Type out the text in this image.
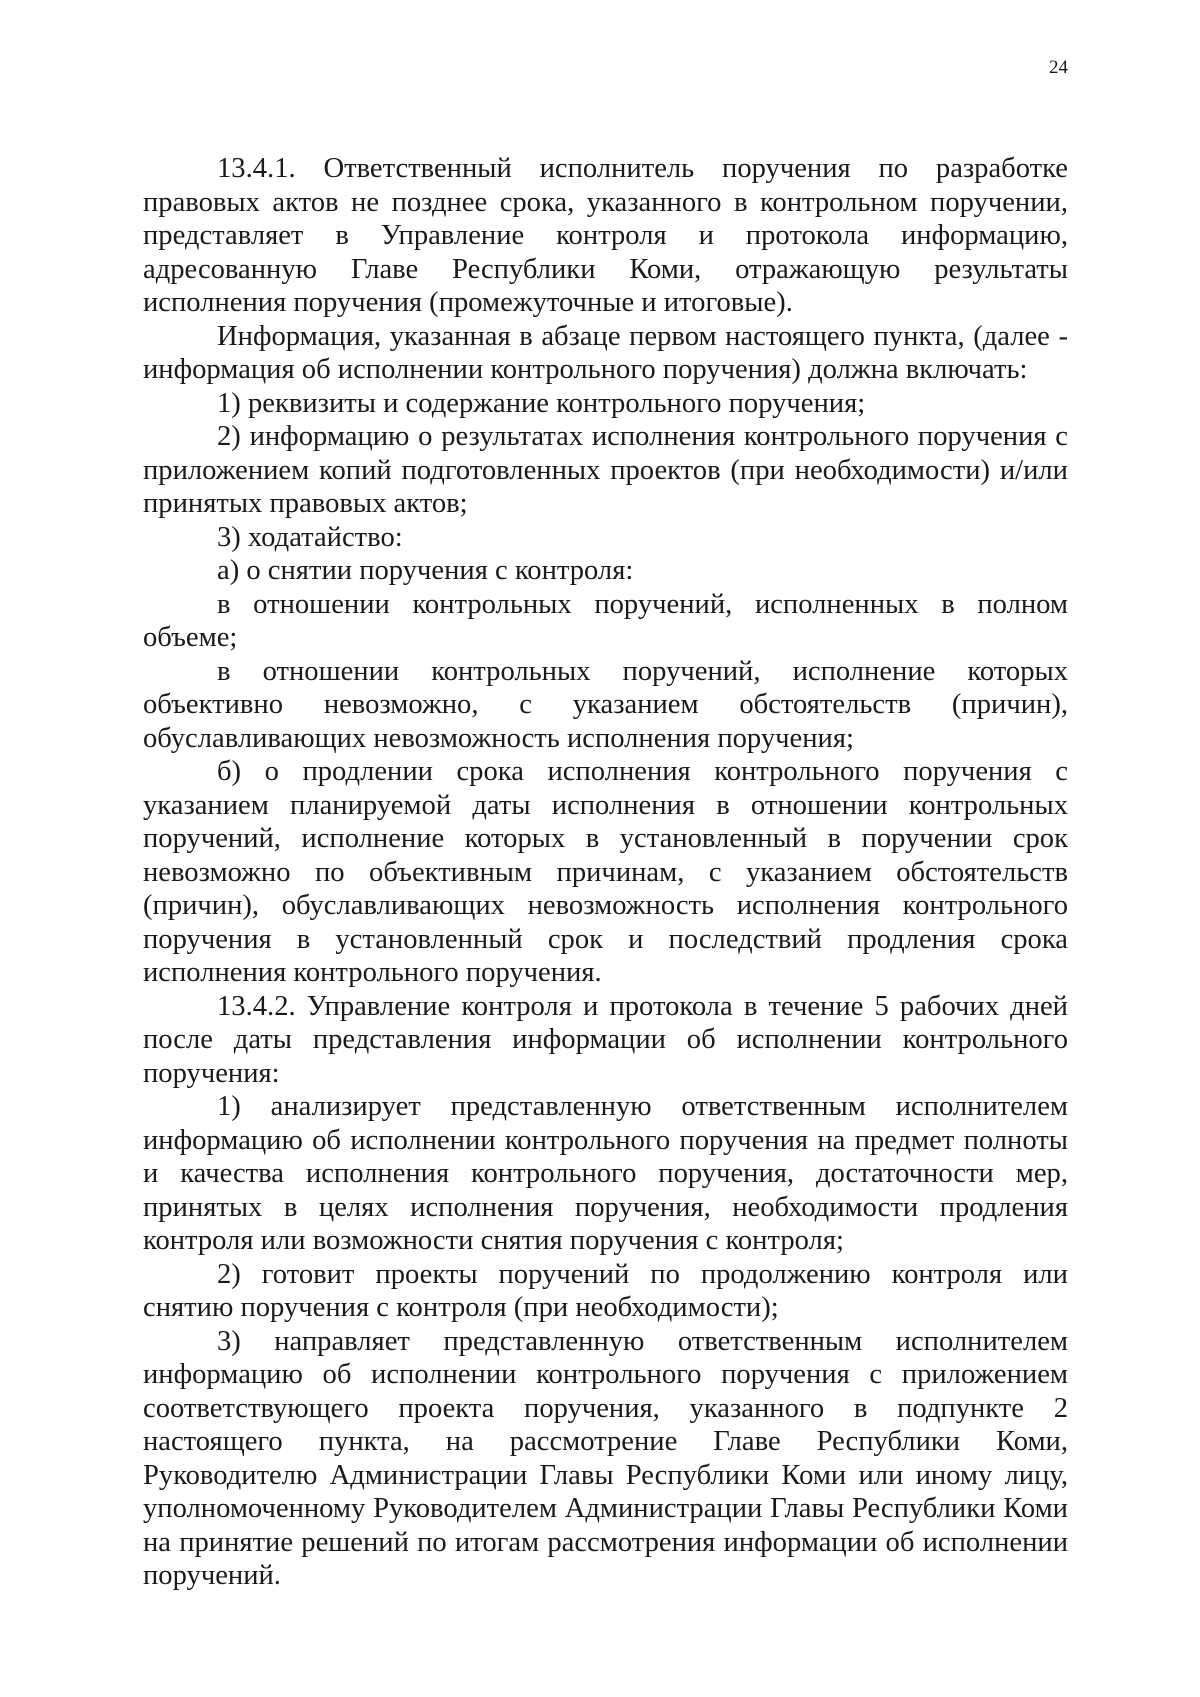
24

13.4.1. Ответственный исполнитель поручения по разработке правовых актов не позднее срока, указанного в контрольном поручении, представляет в Управление контроля и протокола информацию, адресованную Главе Республики Коми, отражающую результаты исполнения поручения (промежуточные и итоговые).

Информация, указанная в абзаце первом настоящего пункта, (далее - информация об исполнении контрольного поручения) должна включать:

1) реквизиты и содержание контрольного поручения;

2) информацию о результатах исполнения контрольного поручения с приложением копий подготовленных проектов (при необходимости) и/или принятых правовых актов;

3) ходатайство:

а) о снятии поручения с контроля:

в отношении контрольных поручений, исполненных в полном объеме;

в отношении контрольных поручений, исполнение которых объективно невозможно, с указанием обстоятельств (причин), обуславливающих невозможность исполнения поручения;

б) о продлении срока исполнения контрольного поручения с указанием планируемой даты исполнения в отношении контрольных поручений, исполнение которых в установленный в поручении срок невозможно по объективным причинам, с указанием обстоятельств (причин), обуславливающих невозможность исполнения контрольного поручения в установленный срок и последствий продления срока исполнения контрольного поручения.

13.4.2. Управление контроля и протокола в течение 5 рабочих дней после даты представления информации об исполнении контрольного поручения:

1) анализирует представленную ответственным исполнителем информацию об исполнении контрольного поручения на предмет полноты и качества исполнения контрольного поручения, достаточности мер, принятых в целях исполнения поручения, необходимости продления контроля или возможности снятия поручения с контроля;

2) готовит проекты поручений по продолжению контроля или снятию поручения с контроля (при необходимости);

3) направляет представленную ответственным исполнителем информацию об исполнении контрольного поручения с приложением соответствующего проекта поручения, указанного в подпункте 2 настоящего пункта, на рассмотрение Главе Республики Коми, Руководителю Администрации Главы Республики Коми или иному лицу, уполномоченному Руководителем Администрации Главы Республики Коми на принятие решений по итогам рассмотрения информации об исполнении поручений.
